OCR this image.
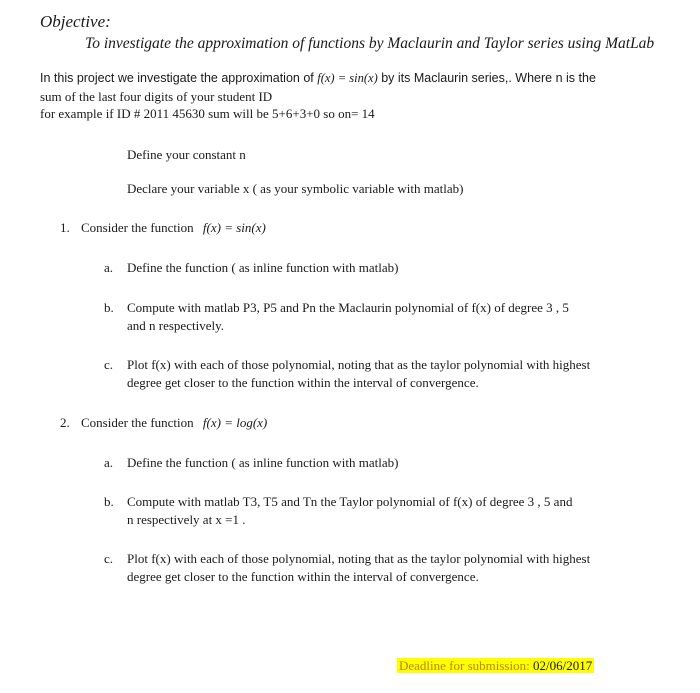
Objective:
To investigate the approximation of functions by Maclaurin and Taylor series using MatLab
In this project we investigate the approximation of f(x) = sin(x) by its Maclaurin series,. Where n is the
sum of the last four digits of your student ID
for example if ID # 2011 45630 sum will be 5+6+3+0 so on= 14
Define your constant n
Declare your variable x ( as your symbolic variable with matlab)
1. Consider the function f(x) = sin(x)
a. Define the function ( as inline function with matlab)
b. Compute with matlab P3, P5 and Pn the Maclaurin polynomial of f(x) of degree 3 , 5
and n respectively.
c. Plot f(x) with each of those polynomial, noting that as the taylor polynomial with highest
degree get closer to the function within the interval of convergence.
2. Consider the function f(x) = log(x)
a. Define the function ( as inline function with matlab)
b. Compute with matlab T3, T5 and Tn the Taylor polynomial of f(x) of degree 3 , 5 and
n respectively at x =1 .
c. Plot f(x) with each of those polynomial, noting that as the taylor polynomial with highest
degree get closer to the function within the interval of convergence.
Deadline for submission: 02/06/2017
